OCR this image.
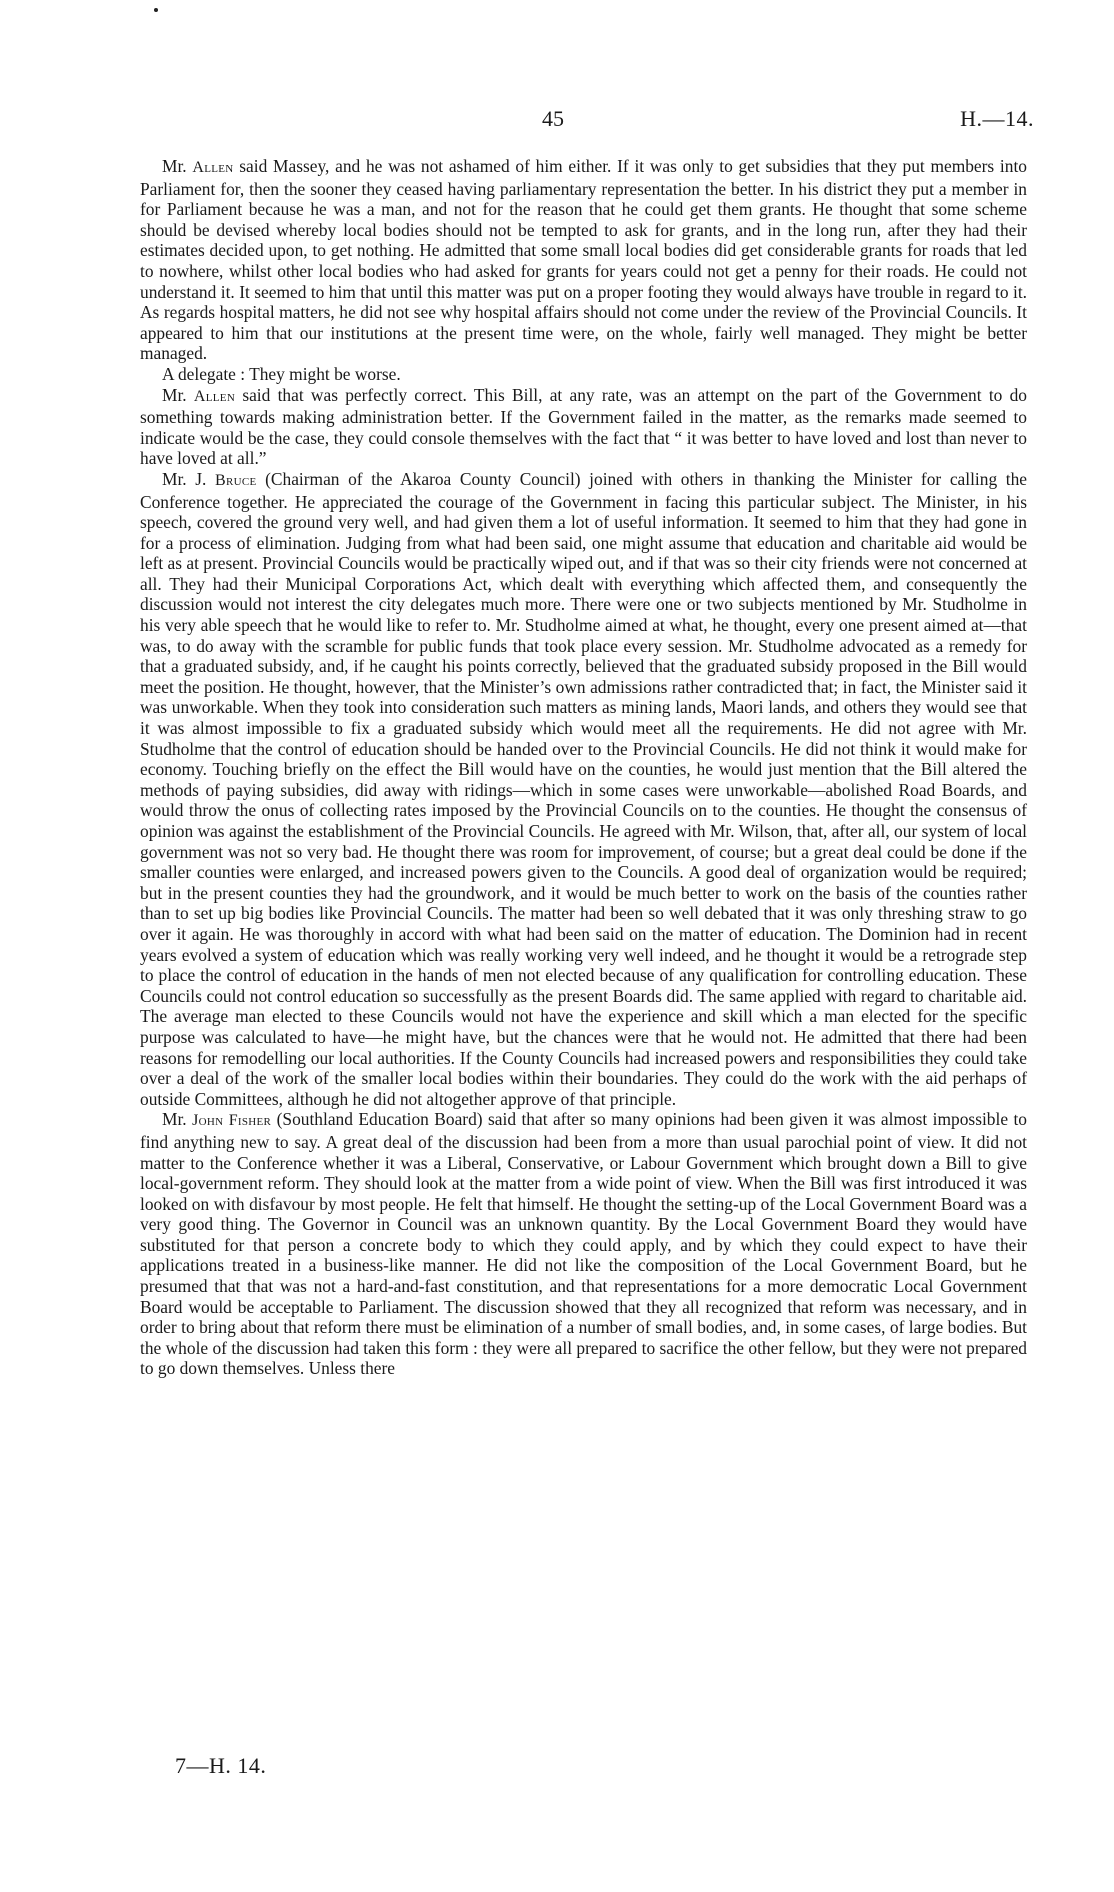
45	H.—14.

Mr. Allen said Massey, and he was not ashamed of him either. If it was only to get subsidies that they put members into Parliament for, then the sooner they ceased having parliamentary representation the better. In his district they put a member in for Parliament because he was a man, and not for the reason that he could get them grants. He thought that some scheme should be devised whereby local bodies should not be tempted to ask for grants, and in the long run, after they had their estimates decided upon, to get nothing. He admitted that some small local bodies did get considerable grants for roads that led to nowhere, whilst other local bodies who had asked for grants for years could not get a penny for their roads. He could not understand it. It seemed to him that until this matter was put on a proper footing they would always have trouble in regard to it. As regards hospital matters, he did not see why hospital affairs should not come under the review of the Provincial Councils. It appeared to him that our institutions at the present time were, on the whole, fairly well managed. They might be better managed.

A delegate : They might be worse.

Mr. Allen said that was perfectly correct. This Bill, at any rate, was an attempt on the part of the Government to do something towards making administration better. If the Government failed in the matter, as the remarks made seemed to indicate would be the case, they could console themselves with the fact that “ it was better to have loved and lost than never to have loved at all.”

Mr. J. Bruce (Chairman of the Akaroa County Council) joined with others in thanking the Minister for calling the Conference together. He appreciated the courage of the Government in facing this particular subject. The Minister, in his speech, covered the ground very well, and had given them a lot of useful information. It seemed to him that they had gone in for a process of elimination. Judging from what had been said, one might assume that education and charitable aid would be left as at present. Provincial Councils would be practically wiped out, and if that was so their city friends were not concerned at all. They had their Municipal Corporations Act, which dealt with everything which affected them, and consequently the discussion would not interest the city delegates much more. There were one or two subjects mentioned by Mr. Studholme in his very able speech that he would like to refer to. Mr. Studholme aimed at what, he thought, every one present aimed at—that was, to do away with the scramble for public funds that took place every session. Mr. Studholme advocated as a remedy for that a graduated subsidy, and, if he caught his points correctly, believed that the graduated subsidy proposed in the Bill would meet the position. He thought, however, that the Minister’s own admissions rather contradicted that; in fact, the Minister said it was unworkable. When they took into consideration such matters as mining lands, Maori lands, and others they would see that it was almost impossible to fix a graduated subsidy which would meet all the requirements. He did not agree with Mr. Studholme that the control of education should be handed over to the Provincial Councils. He did not think it would make for economy. Touching briefly on the effect the Bill would have on the counties, he would just mention that the Bill altered the methods of paying subsidies, did away with ridings—which in some cases were unworkable—abolished Road Boards, and would throw the onus of collecting rates imposed by the Provincial Councils on to the counties. He thought the consensus of opinion was against the establishment of the Provincial Councils. He agreed with Mr. Wilson, that, after all, our system of local government was not so very bad. He thought there was room for improvement, of course; but a great deal could be done if the smaller counties were enlarged, and increased powers given to the Councils. A good deal of organization would be required; but in the present counties they had the groundwork, and it would be much better to work on the basis of the counties rather than to set up big bodies like Provincial Councils. The matter had been so well debated that it was only threshing straw to go over it again. He was thoroughly in accord with what had been said on the matter of education. The Dominion had in recent years evolved a system of education which was really working very well indeed, and he thought it would be a retrograde step to place the control of education in the hands of men not elected because of any qualification for controlling education. These Councils could not control education so successfully as the present Boards did. The same applied with regard to charitable aid. The average man elected to these Councils would not have the experience and skill which a man elected for the specific purpose was calculated to have—he might have, but the chances were that he would not. He admitted that there had been reasons for remodelling our local authorities. If the County Councils had increased powers and responsibilities they could take over a deal of the work of the smaller local bodies within their boundaries. They could do the work with the aid perhaps of outside Committees, although he did not altogether approve of that principle.

Mr. John Fisher (Southland Education Board) said that after so many opinions had been given it was almost impossible to find anything new to say. A great deal of the discussion had been from a more than usual parochial point of view. It did not matter to the Conference whether it was a Liberal, Conservative, or Labour Government which brought down a Bill to give local-government reform. They should look at the matter from a wide point of view. When the Bill was first introduced it was looked on with disfavour by most people. He felt that himself. He thought the setting-up of the Local Government Board was a very good thing. The Governor in Council was an unknown quantity. By the Local Government Board they would have substituted for that person a concrete body to which they could apply, and by which they could expect to have their applications treated in a business-like manner. He did not like the composition of the Local Government Board, but he presumed that that was not a hard-and-fast constitution, and that representations for a more democratic Local Government Board would be acceptable to Parliament. The discussion showed that they all recognized that reform was necessary, and in order to bring about that reform there must be elimination of a number of small bodies, and, in some cases, of large bodies. But the whole of the discussion had taken this form : they were all prepared to sacrifice the other fellow, but they were not prepared to go down themselves. Unless there

7—H. 14.
